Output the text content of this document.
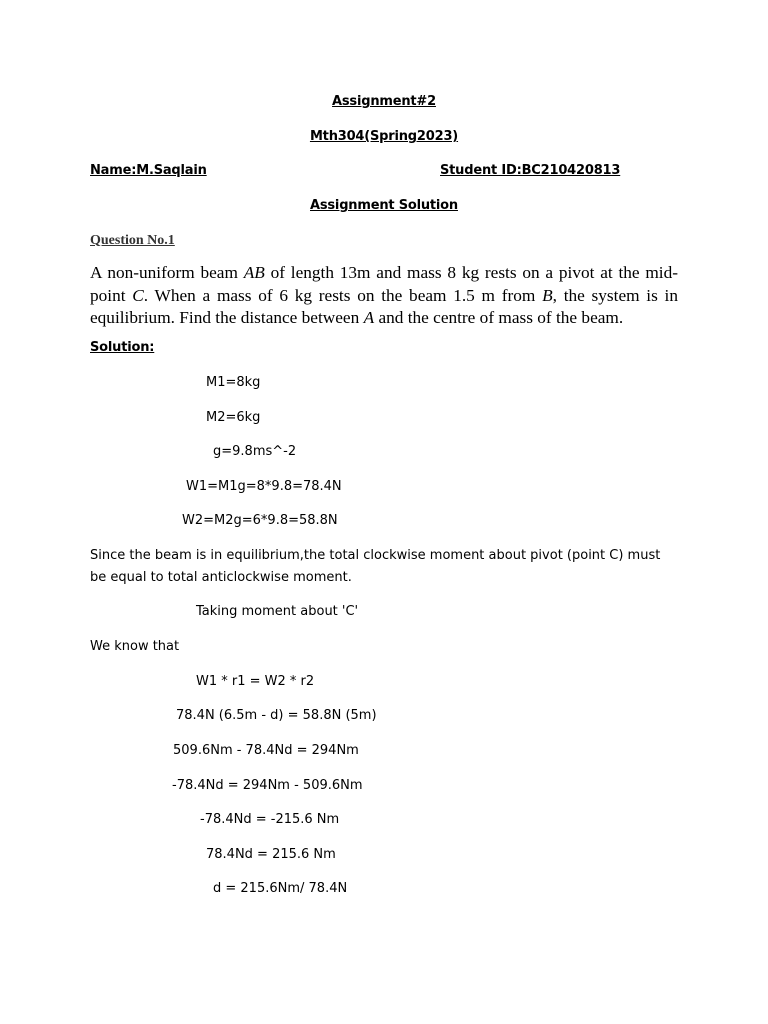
Assignment#2
Mth304(Spring2023)
Name:M.Saqlain	Student ID:BC210420813
Assignment Solution
Question No.1
A non-uniform beam AB of length 13m and mass 8 kg rests on a pivot at the mid-point C. When a mass of 6 kg rests on the beam 1.5 m from B, the system is in equilibrium. Find the distance between A and the centre of mass of the beam.
Solution:
M1=8kg
M2=6kg
g=9.8ms^-2
W1=M1g=8*9.8=78.4N
W2=M2g=6*9.8=58.8N
Since the beam is in equilibrium,the total clockwise moment about pivot (point C) must be equal to total anticlockwise moment.
Taking moment about 'C'
We know that
W1 * r1 = W2 * r2
78.4N (6.5m - d) = 58.8N (5m)
509.6Nm - 78.4Nd = 294Nm
-78.4Nd = 294Nm - 509.6Nm
-78.4Nd = -215.6 Nm
78.4Nd = 215.6 Nm
d = 215.6Nm/ 78.4N
